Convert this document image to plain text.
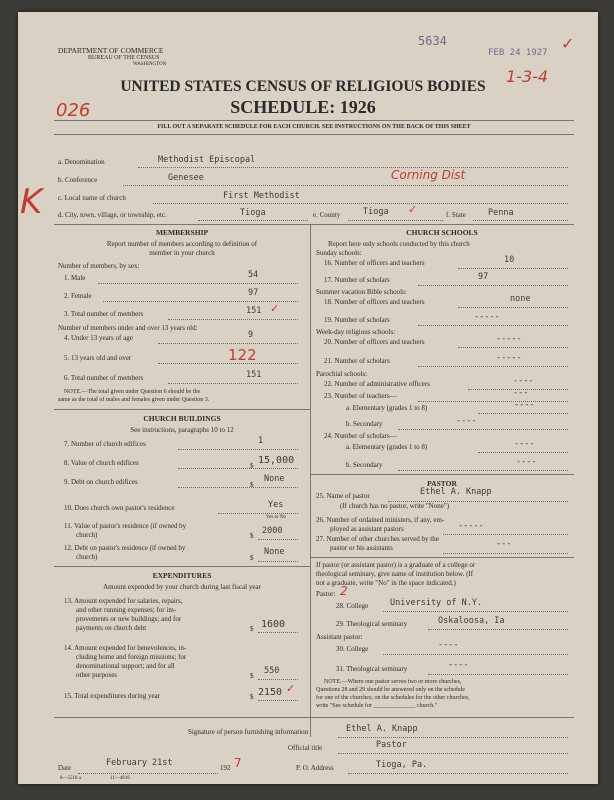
DEPARTMENT OF COMMERCE
BUREAU OF THE CENSUS
WASHINGTON
5634
FEB 24 1927
1-3-4
✓
UNITED STATES CENSUS OF RELIGIOUS BODIES
SCHEDULE: 1926
026
FILL OUT A SEPARATE SCHEDULE FOR EACH CHURCH. SEE INSTRUCTIONS ON THE BACK OF THIS SHEET
K
a. Denomination	Methodist Episcopal
b. Conference	Genesee	Corning Dist
c. Local name of church	First Methodist
d. City, town, village, or township, etc.	Tioga	e. County	Tioga ✓	f. State	Penna
MEMBERSHIP
Report number of members according to definition of
member in your church
Number of members, by sex:
1. Male	54
2. Female	97
3. Total number of members	151 ✓
Number of members under and over 13 years old:
4. Under 13 years of age	9
5. 13 years old and over	122
6. Total number of members	151
NOTE.—The total given under Question 6 should be the
same as the total of males and females given under Question 3.
CHURCH BUILDINGS
See instructions, paragraphs 10 to 12
7. Number of church edifices	1
8. Value of church edifices	$ 15,000
9. Debt on church edifices	$
None
10. Does church own pastor's residence	Yes
Yes or No
11. Value of pastor's residence (if owned by
church)	$ 2000
12. Debt on pastor's residence (if owned by
church)	$
None
EXPENDITURES
Amount expended by your church during last fiscal year
13. Amount expended for salaries, repairs,
and other running expenses; for im-
provements or new buildings; and for
payments on church debt	$ 1600
14. Amount expended for benevolences, in-
cluding home and foreign missions; for
denominational support; and for all
other purposes	$ 550
15. Total expenditures during year	$ 2150 ✓
CHURCH SCHOOLS
Report here only schools conducted by this church
Sunday schools:
16. Number of officers and teachers	10
17. Number of scholars	97
Summer vacation Bible schools:
18. Number of officers and teachers	none
19. Number of scholars	-----
Week-day religious schools:
20. Number of officers and teachers	-----
21. Number of scholars	-----
Parochial schools:
22. Number of administrative officers	----
23. Number of teachers—	---
a. Elementary (grades 1 to 8)	----
b. Secondary	----
24. Number of scholars—
a. Elementary (grades 1 to 8)	----
b. Secondary	----
PASTOR
25. Name of pastor	Ethel A. Knapp
(If church has no pastor, write "None")
26. Number of ordained ministers, if any, em-
ployed as assistant pastors	-----
27. Number of other churches served by the
pastor or his assistants	---
If pastor (or assistant pastor) is a graduate of a college or
theological seminary, give name of institution below. (If
not a graduate, write "No" in the space indicated.)
Pastor: 2
28. College	University of N.Y.
29. Theological seminary	Oskaloosa, Ia
Assistant pastor:
30. College	----
31. Theological seminary	----
NOTE.—Where one pastor serves two or more churches,
Questions 28 and 29 should be answered only on the schedule
for one of the churches; on the schedules for the other churches,
write "See schedule for ______________ church."
Signature of person furnishing information	Ethel A. Knapp
Official title	Pastor
Date	February 21st	192 7	P. O. Address	Tioga, Pa.
8—5518 a	11—4816
